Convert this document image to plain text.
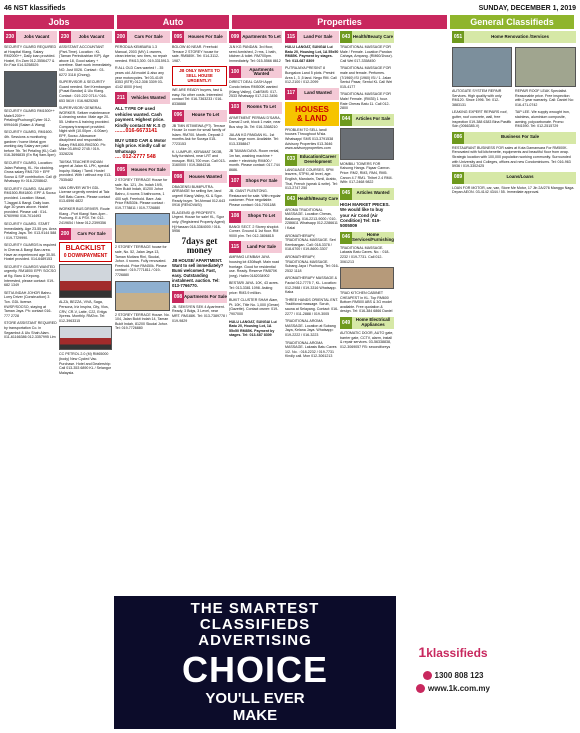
46 NST klassifieds	SUNDAY, DECEMBER 1, 2019
Jobs	Auto	Properties	General Classifieds
230	Jobs Vacant

SECURITY GUARD REQUIRED at Hospital Klang, Salary RM2000++, Daily loan provided. Hostel, En Zam 012-3556477 & En Faiz 014-5258529.

SECURITY GUARD RM1500++ Male/1200++ Petaling/Puchong/Cyber 012-6994446 (Salam & Wang)

SECURITY GUARD, RM1600. 4th. Sessions a monitoring gardner / home Metal gym working day Salary are paid before 7th. Tel Petaling (KL) Call: 016-3696835 (En Raj 9am-5pm)

SECURITY GUARD, Location: Jalan Pahang, KL. No clocking. Gross salary RM1700 + EPF Socso & SIP contribution. Call @ Whatsapp Kr 016-2208642.

SECURITY GUARD. SALARY RM1500-RM1800. EPF & Socso provided. Location: Masai, T.Jaggat & Bangi. Daily loan. Age 30 years above. Hostel provided. Please call : 014-6760996/ 016-7014493

SECURITY GUARD. START immediately. Age 23-55 yrs. Area Petaling Jaya. Tel: 013-9144 588 / 019-7729990.

SECURITY GUARDS is required in Cheras & Bangi Baru area. Have an experienced age 30-50. Hostel provided. 014-6489153

SECURITY GUARDS WANTED urgently. RM1800/ EPF/ SOCSO at Kg. Baru & Kepong. Interested, please contact: 019-682 1349

SETIA INDAH JOHOR Bahru. Lorry Driver (Construction) 3 Ton. GDL license. KWSP/SOCSO, staying at Taman Jaya. Ph: contact 016-777 2728

STORE ASSISTANT REQUIRED by transportation Co. in Segambut & Ulu Shah Alam. 011-61166386 012-3357995 Lim

230	Jobs Vacant

ASSISTANT ACCOUNTANT (Part-Time). Location : KL (Taman Perindustrian KIP). Age above 18, Good salary + overtime. Start work immediately. NO. Just 0026. Contact : 03-6272 3118 (Chong).

SUPERVISOR & SECURITY Guard needed. Seri Kembangan (Pusat Bandar) & Ulu Klang. Contact : 019-222 0714 / 016-653 5619 / 016-9825265

SUPERVISOR/ GENERAL WORKER. Seltzer maintenance & cleaning sector. Male age 20-55. Uniform & training provided. Company transport provided. Night shift (10.00pm - 6.00am) EPF, Socso. Allowance disciplined and responsible. Salary RM1800-RM2300. Ph: Mike 03-8942 2745 / 019-3328226

TAISKA TEACHER INDIAN urgent at Jalan KL LPK, special Inquiry. Malay / Tamil. Hostel provided. With / without exp 013-7535482

VAN DRIVER WITH GDL License urgently needed at Taiz Sell Batu Caves. Please contact 013-6596 4822

WORKER BUS DRIVER. Route Klang - Port Klang/ 9am-4pm - Puchong. E & PSV. Tel: 012-2419654 / Near 012-2399356

200	Cars For Sale
BLACKLIST
0 DOWNPAYMENT

ALZA, BEZZA, VIVA, Saga, Persona, Iriz Inspira, City, Vios, CRV, CR-V, Latte, C22, Ertiga Xpress. Monthly. RM2xx. Tel: 012-3963315

CC PETROL 2.0 (M) RM65000 (body) New Cycled Vac. Purchase. Hotel and Dealership: Call 013-353 6890 KL / Selangor Malaysia.

200	Cars For Sale

PERODUA KEMBARA 1.3 Manual, 2003 (MV) 1 owners, clean interior, sec tires, no repair needed. RM13,300. 019-3315913.

R ALL OLD Cars wanted ! - 35 years old. All model & also any year motorcycles. Tel 03-4149 8353 (BTR) 012-308 3309 03-4142 8000 (Hon)

211	Vehicles Wanted

ALL TYPE OF used vehicles wanted. Cash payment. Highest price. Kindly contact Mr K.S @

.......016-6673141

BUY USED CAR & Motor high price. Kindly call or Whatsapp

.... 012-2777 548

095	Houses For Sale

2 STOREY TERRACE House for sale. No. 121, Jln. Indah 19/5, Trim Bukit Indah, 81200 Johor Bahru, 4 rooms 3 bathrooms, 1 400 sqft. Freehold. Bare. Ask Price RM530k. Please contact : 019-7778811 / 019-7726880

2 STOREY TERRACE house for sale, No. 52, Jalan Jaya 13, Taman Mutiara Rini, Skudai, Johor. 4 rooms. Fully renovated. Freehold. Price RM450k. Please contact : 019-7771811 / 019-7726880

2 STOREY TERRACE House. No. 104, Jalan Bukit Indah 14, Taman Bukit Indah, 81200 Skudai Johor. Tel: 019-7726880

095	Houses For Sale

BGLOW 40 NEAR. Freehold Terrace 2 STOREY house for sale. RM580K. Tel: 014-3112-1987.

JB ONLY WANTS TO SELL HOUSE URGENTLY!

WE ARE READY buyers, fast & easy. No other costs. Interested contact Tel: 016-7363233 / 016-8338888

096	House To Let

JB TMN ISTIMEWA (PT). Terrace House 1x room for small family of Islam. RM700. Month. Deposit 2 months Ask for Suraya 015-7723153

K. LUMPUR, KERAMAT 3K/3B, fully furnished, near LRT and mosque. RM1,700 mon. Call 013-3160000 / 019-3684318.

098	Houses Wanted

DBAGENSI BUMIPUTRA. ARRANGE for selling live, land urgent! Klang Valley, KL & Sgor. Ready buyer. Tel Ahmad 012-643 0916 (RENOVASI)

ELAGENSI @ PROPERTY. Urgent. House for sale! KL, Sgor only. (Registered Property Agent) Hj Hassan 018-3364000 / 016-5956

7days get money

JB HOUSE/ APARTMENT. Want to sell immediately? Bumi welcomed. Fast, easy. Outstanding instalment. auction. Tel: 013-7766770.

098 Apartments For Sale

JB. SEKSYEN SEK 4 Apartment. Ready, 3 Bdgs, 3 Level, near MRT. RM188K. Tel: 013-7389778 / 019-9829

099 Apartments To Let

JLN KG PANDAN. 3rd floor, semi-furnished, 2 rms, 1 bath, kitchen & toilet. RM700pm. Immediately. Tel: 015-5566 8612

100	Apartments Wanted

DIRECT DEAL CASH Appt Condo below RM500K wanted (Klang Valley). Call/SMS: 017-2533 Whatsapp 017-212-3456

103	Rooms To Let

APARTMENT PERMAI D'SARA, Damai 2 unit, block 1 male, near Bus stop 3k. Tel: 016-3368210

JALAN KG PANDAN KL. 1st floor, large room. Available. Tel: 013-3358847

JB TAMAN DAYA. Room rental, 1m fan, washing machine + water + electricity RM400 / month. Please contact: 017-744 8686.

107	Shops For Sale

JB. GIANT PLENTONG. Restaurant for sale. With regular customer. Price negotiable. Please contact: 016-7001188

108	Shops To Let

BANGI SECT. 2 Storey shoplot. Corner. Ground & 1st floor. RM 9000 p/m. Tel: 012-3806815

115	Land For Sale

AMPANG LEMBAH JAYA housing lot 4308sqft. Main road frontage. Good for residential use. Ready. Reserve RM870K (neg). Halim 0182034902

BESTARI JAYA. 10K, 43 acres. Tel: 013-3381 1098. Asking price: RM3.9 million.

BUKIT CLUSTER SHAH Alam, Pt. 10K, Title No. 1,000 (Geran) (Gazette). Contact owner: 019-7907000

HULU LANGAT, SUNGAI Lui Batu 20, Housing Lot, 1A 55x50 RM85K. Payment by stages. Tel: 013-687 8309

115	Land For Sale

HULU LANGAT, SUNGAI Lui Batu 20, Housing Lot, 1A 55x50 RM85K. Payment by stages. Tel: 013-687 8309

PUTRAJAYA PRESINT 8 Bungalow Land 5 plots. Presint Area 1, 3 ,5 land. Nego RM. Call 012-2100 / 012-2099

117	Land Wanted
HOUSES
& LAND

PROBLEM TO SELL land/ houses Throughout M'sia. Whatsapp/ SMS 013-3791538 Advisory Properties 013-3646 www.advisoryproperties.com

033	Education/Career Development

LANGUAGE COURSES. SPM leavers, STPM, all level, age. English, Mandarin, Tamil, Arabic, Thai, French (speak & write). Tel: 013-2747 250

043 Health/Beauty Care

AROMA TRADITIONAL MASSAGE. Location Cheras, Balakong. 016-2213-9000 / 010-2286611 Whatsapp 012-2286611 / Kalai

AROMATHERAPY, TRADITIONAL MASSAGE. Seri Kembangan. Call: 018-3378 / 018-6700 / 019-8600-3307

AROMATHERAPY, TRADITIONAL MASSAGE. Subang Jaya / Puchong. Tel: 016-2532 1118

AROMATHERAPY MASSAGE & Facial 012-7775 7, KL. Location: 012-2988 / 019-3316 Whatsapp. Kaka

THREE HANDS ORIENTAL ENT. Traditional massage. Scrub, sauna at Selayang. Contact: 016-2277 / 011-2888 / 019-3005

TRADITIONAL AROMA MASSAGE. Location at Subang Jaya, Kelana Jaya. Whatsapp: 019-2222 / 016-3223

TRADITIONAL AROMA MASSAGE. Lakasis Batu Caves 1/2. No. : 018-2232 / 019-7731 Kindly call. Mon 012-3061213

043 Health/Beauty Care

TRADITIONAL MASSAGE FOR Male / Female. Location Pandan Cahaya, Ampang. (RM60/1hour). Call Wei 017-3358450

TRADITIONAL MASSAGE FOR male and female. Perfumes. (7/1960) ISI (1960) ISI / 1. Jalan Sentul Pasar, Sentul KL Call Wei 015-4177

TRADITIONAL MASSAGE FOR Male/ Female. (RM35) 1 hour. Rate Cheras Batu 11. Call 012-2800

044	Articles For Sale

MOMBILI TOWERS FOR Kaisong Hangs. Fiqaar Canron. Price: RM2, RM3, RM4, RM5. Canon 4.7 RM1. Thibet 2.4 RM4. With: 017-2468 9822

045	Articles Wanted

HIGH MARKET PRICES. We would like to buy your Air Cond (Air Condition) Tel: 019-5005009

046	Home Services/Furnishing

TRADITIONAL MASSAGE. Lakasis Batu Caves. No. : 018-2232 / 019-7731. Call 012-3061213

TRAD KITCHEN CABINET CHEAPEST in KL. Top RM600 Bottom RM500 ABS & 3G model available. Free quotation & design. Tel: 016-384 6866 Daniel

049	Home Electrical/ Appliances

AUTOMATIC DOOR, AUTO gate, barrier gate, CCTV, alarm, install & repair services. 03-56338838, 012-3069057 FB: secondforeys

051	Home Renovation /Services

AUTOGATE SYSTEM REPAIR Services. High quality with only RM120. Since 1996. Tel: 012-3883131

LEAKING EXPERT REPAIRS roof, gutter, roof concrete, wall, free inspection 019-388 6383 Bina Pasifik Sdn (0066385-V)

REPAIR ROOF LEAK Specialist. Reasonable price. Free inspection with 2 year warranty. Call: Daniel No: 016-471-0742

TAP LEE. We supply wrought iron, stainless, aluminium composite, awning, polycarbonate. Promo RM1590. Tel: 012-2515729

086	Business For Sale

RESTAURANT BUSINESS FOR sales at Kota Damansara For RM500K. Renovated with full kitchenette, equipments and beautiful floor from wrap. Strategic location with 100,000 population working community. Surrounded with University and Colleges, offices and new Condominiums. Tel: 016-963 5936 / 019-3302425

089	Loans/Loans

LOAN FOR MOTOR, car, van, Store Me Motor, 17 Jln 2A/276 Manggo Naga. Depan AEON. 03-4142 4344 / 55. Immediate approval.

THE SMARTEST
CLASSIFIEDS
ADVERTISING
CHOICE
YOU'LL EVER
MAKE
1klassifieds
1300 808 123
www.1k.com.my
